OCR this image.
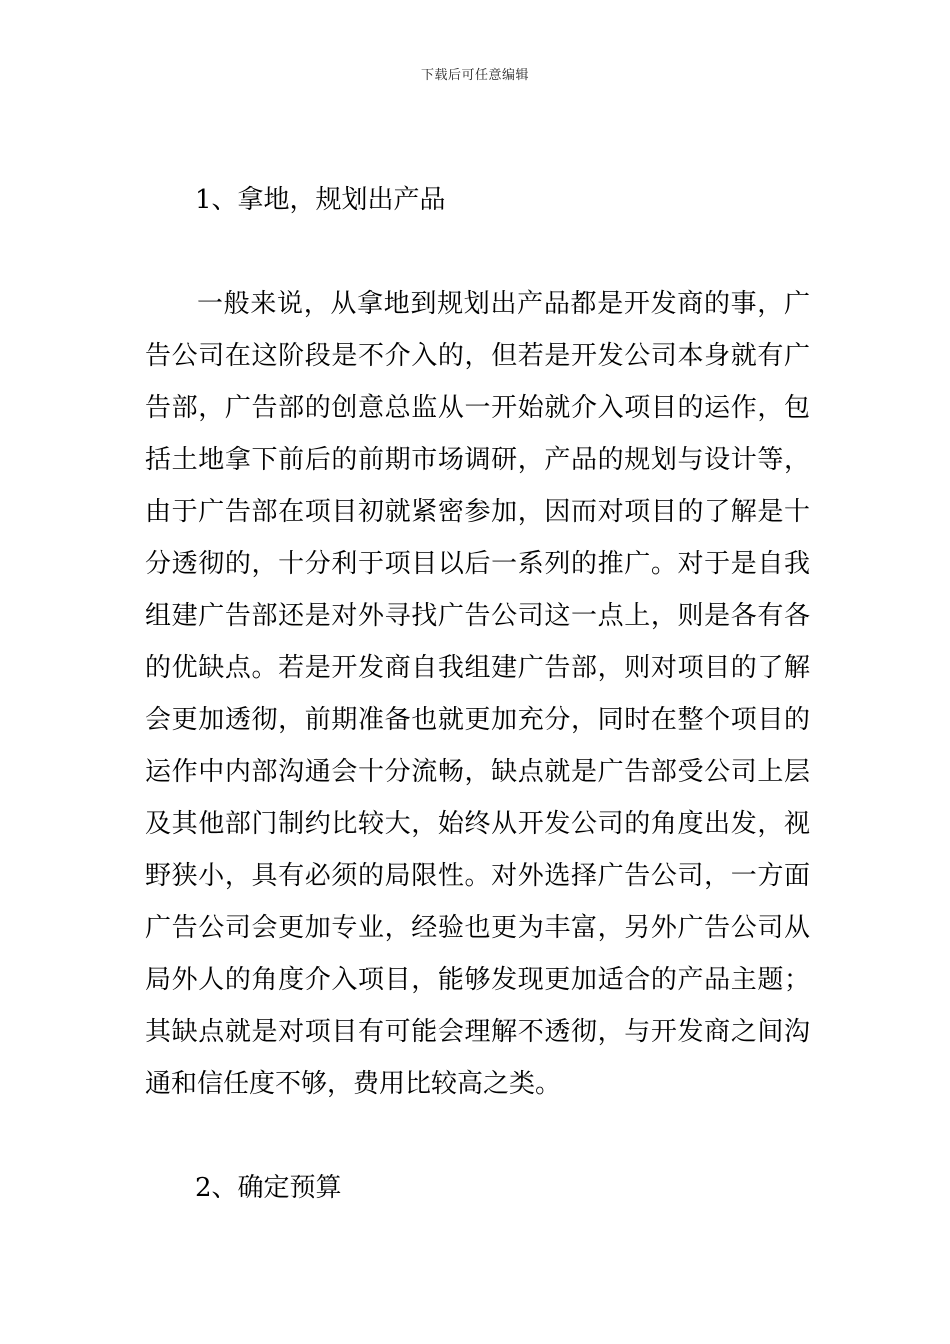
下载后可任意编辑
1、拿地，规划出产品

一般来说，从拿地到规划出产品都是开发商的事，广告公司在这阶段是不介入的，但若是开发公司本身就有广告部，广告部的创意总监从一开始就介入项目的运作，包括土地拿下前后的前期市场调研，产品的规划与设计等，由于广告部在项目初就紧密参加，因而对项目的了解是十分透彻的，十分利于项目以后一系列的推广。对于是自我组建广告部还是对外寻找广告公司这一点上，则是各有各的优缺点。若是开发商自我组建广告部，则对项目的了解会更加透彻，前期准备也就更加充分，同时在整个项目的运作中内部沟通会十分流畅，缺点就是广告部受公司上层及其他部门制约比较大，始终从开发公司的角度出发，视野狭小，具有必须的局限性。对外选择广告公司，一方面广告公司会更加专业，经验也更为丰富，另外广告公司从局外人的角度介入项目，能够发现更加适合的产品主题；其缺点就是对项目有可能会理解不透彻，与开发商之间沟通和信任度不够，费用比较高之类。

2、确定预算
